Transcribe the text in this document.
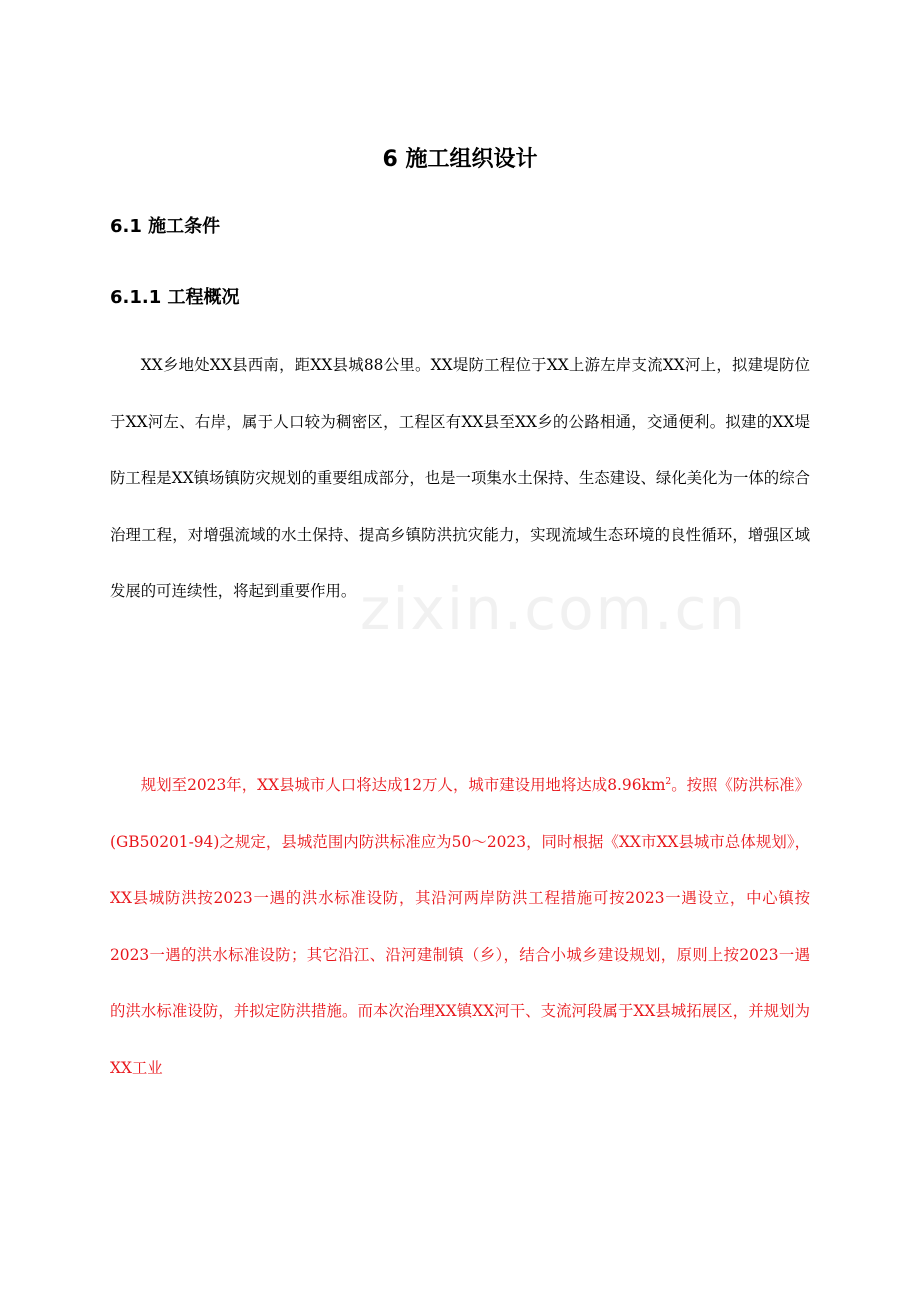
zixin.com.cn
6 施工组织设计
6.1 施工条件
6.1.1 工程概况

XX乡地处XX县西南，距XX县城88公里。XX堤防工程位于XX上游左岸支流XX河上，拟建堤防位于XX河左、右岸，属于人口较为稠密区，工程区有XX县至XX乡的公路相通，交通便利。拟建的XX堤防工程是XX镇场镇防灾规划的重要组成部分，也是一项集水土保持、生态建设、绿化美化为一体的综合治理工程，对增强流域的水土保持、提高乡镇防洪抗灾能力，实现流域生态环境的良性循环，增强区域发展的可连续性，将起到重要作用。

规划至2023年，XX县城市人口将达成12万人，城市建设用地将达成$8.96km^2$。按照《防洪标准》(GB50201-94)之规定，县城范围内防洪标准应为50～2023，同时根据《XX市XX县城市总体规划》，XX县城防洪按2023一遇的洪水标准设防，其沿河两岸防洪工程措施可按2023一遇设立，中心镇按2023一遇的洪水标准设防；其它沿江、沿河建制镇（乡），结合小城乡建设规划，原则上按2023一遇的洪水标准设防，并拟定防洪措施。而本次治理XX镇XX河干、支流河段属于XX县城拓展区，并规划为XX工业
